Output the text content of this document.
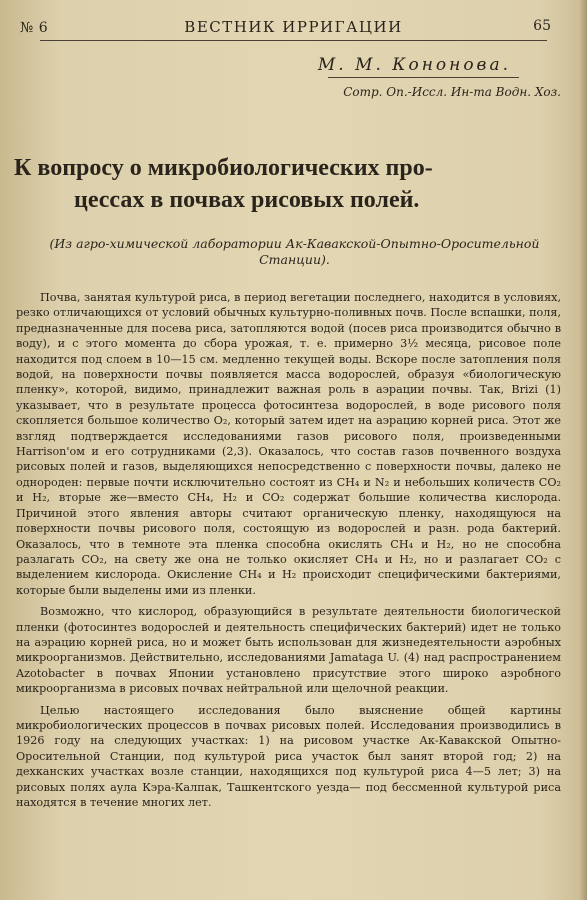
№ 6	ВЕСТНИК ИРРИГАЦИИ	65
М. М. Кононова.
Сотр. Оп.-Иссл. Ин-та Водн. Хоз.
К вопросу о микробиологических про-
цессах в почвах рисовых полей.
(Из агро-химической лаборатории Ак-Кавакской-Опытно-Оросительной Станции).

Почва, занятая культурой риса, в период вегетации последнего, находится в условиях, резко отличающихся от условий обычных культурно-поливных почв. После вспашки, поля, предназначенные для посева риса, затопляются водой (посев риса производится обычно в воду), и с этого момента до сбора урожая, т. е. примерно 3½ месяца, рисовое поле находится под слоем в 10—15 см. медленно текущей воды. Вскоре после затопления поля водой, на поверхности почвы появляется масса водорослей, образуя «биологическую пленку», которой, видимо, принадлежит важная роль в аэрации почвы. Так, Brizi (1) указывает, что в результате процесса фотосинтеза водорослей, в воде рисового поля скопляется большое количество O₂, который затем идет на аэрацию корней риса. Этот же взгляд подтверждается исследованиями газов рисового поля, произведенными Harrison'ом и его сотрудниками (2,3). Оказалось, что состав газов почвенного воздуха рисовых полей и газов, выделяющихся непосредственно с поверхности почвы, далеко не однороден: первые почти исключительно состоят из CH₄ и N₂ и небольших количеств CO₂ и H₂, вторые же—вместо CH₄, H₂ и CO₂ содержат большие количества кислорода. Причиной этого явления авторы считают органическую пленку, находящуюся на поверхности почвы рисового поля, состоящую из водорослей и разн. рода бактерий. Оказалось, что в темноте эта пленка способна окислять CH₄ и H₂, но не способна разлагать CO₂, на свету же она не только окисляет CH₄ и H₂, но и разлагает CO₂ с выделением кислорода. Окисление CH₄ и H₂ происходит специфическими бактериями, которые были выделены ими из пленки.

Возможно, что кислород, образующийся в результате деятельности биологической пленки (фотосинтез водорослей и деятельность специфических бактерий) идет не только на аэрацию корней риса, но и может быть использован для жизнедеятельности аэробных микроорганизмов. Действительно, исследованиями Jamataga U. (4) над распространением Azotobacter в почвах Японии установлено присутствие этого широко аэробного микроорганизма в рисовых почвах нейтральной или щелочной реакции.

Целью настоящего исследования было выяснение общей картины микробиологических процессов в почвах рисовых полей. Исследования производились в 1926 году на следующих участках: 1) на рисовом участке Ак-Кавакской Опытно-Оросительной Станции, под культурой риса участок был занят второй год; 2) на дехканских участках возле станции, находящихся под культурой риса 4—5 лет; 3) на рисовых полях аула Кэра-Калпак, Ташкентского уезда— под бессменной культурой риса находятся в течение многих лет.
